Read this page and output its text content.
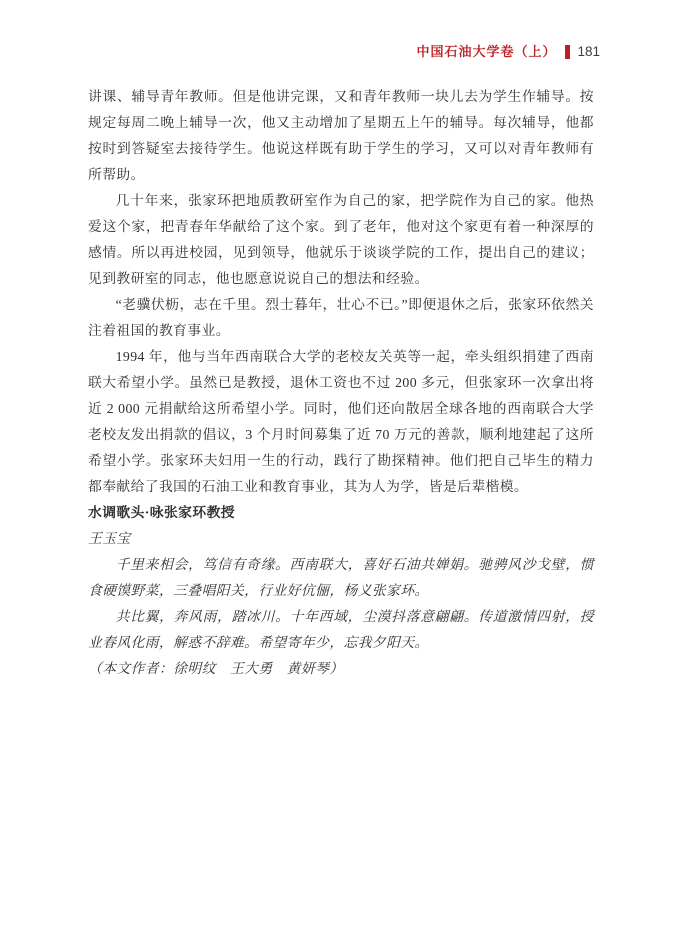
中国石油大学卷（上） 181

讲课、辅导青年教师。但是他讲完课，又和青年教师一块儿去为学生作辅导。按规定每周二晚上辅导一次，他又主动增加了星期五上午的辅导。每次辅导，他都按时到答疑室去接待学生。他说这样既有助于学生的学习，又可以对青年教师有所帮助。

几十年来，张家环把地质教研室作为自己的家，把学院作为自己的家。他热爱这个家，把青春年华献给了这个家。到了老年，他对这个家更有着一种深厚的感情。所以再进校园，见到领导，他就乐于谈谈学院的工作，提出自己的建议；见到教研室的同志，他也愿意说说自己的想法和经验。

“老骥伏枥，志在千里。烈士暮年，壮心不已。”即便退休之后，张家环依然关注着祖国的教育事业。

1994 年，他与当年西南联合大学的老校友关英等一起，牵头组织捐建了西南联大希望小学。虽然已是教授，退休工资也不过 200 多元，但张家环一次拿出将近 2 000 元捐献给这所希望小学。同时，他们还向散居全球各地的西南联合大学老校友发出捐款的倡议，3 个月时间募集了近 70 万元的善款，顺利地建起了这所希望小学。张家环夫妇用一生的行动，践行了勘探精神。他们把自己毕生的精力都奉献给了我国的石油工业和教育事业，其为人为学，皆是后辈楷模。

水调歌头·咏张家环教授

王玉宝

千里来相会，笃信有奇缘。西南联大，喜好石油共婵娟。驰骋风沙戈壁，惯食硬馍野菜，三叠唱阳关，行业好伉俪，杨义张家环。

共比翼，奔风雨，踏冰川。十年西域，尘漠抖落意翩翩。传道激情四射，授业春风化雨，解惑不辞难。希望寄年少，忘我夕阳天。

（本文作者：徐明纹　王大勇　黄妍琴）
